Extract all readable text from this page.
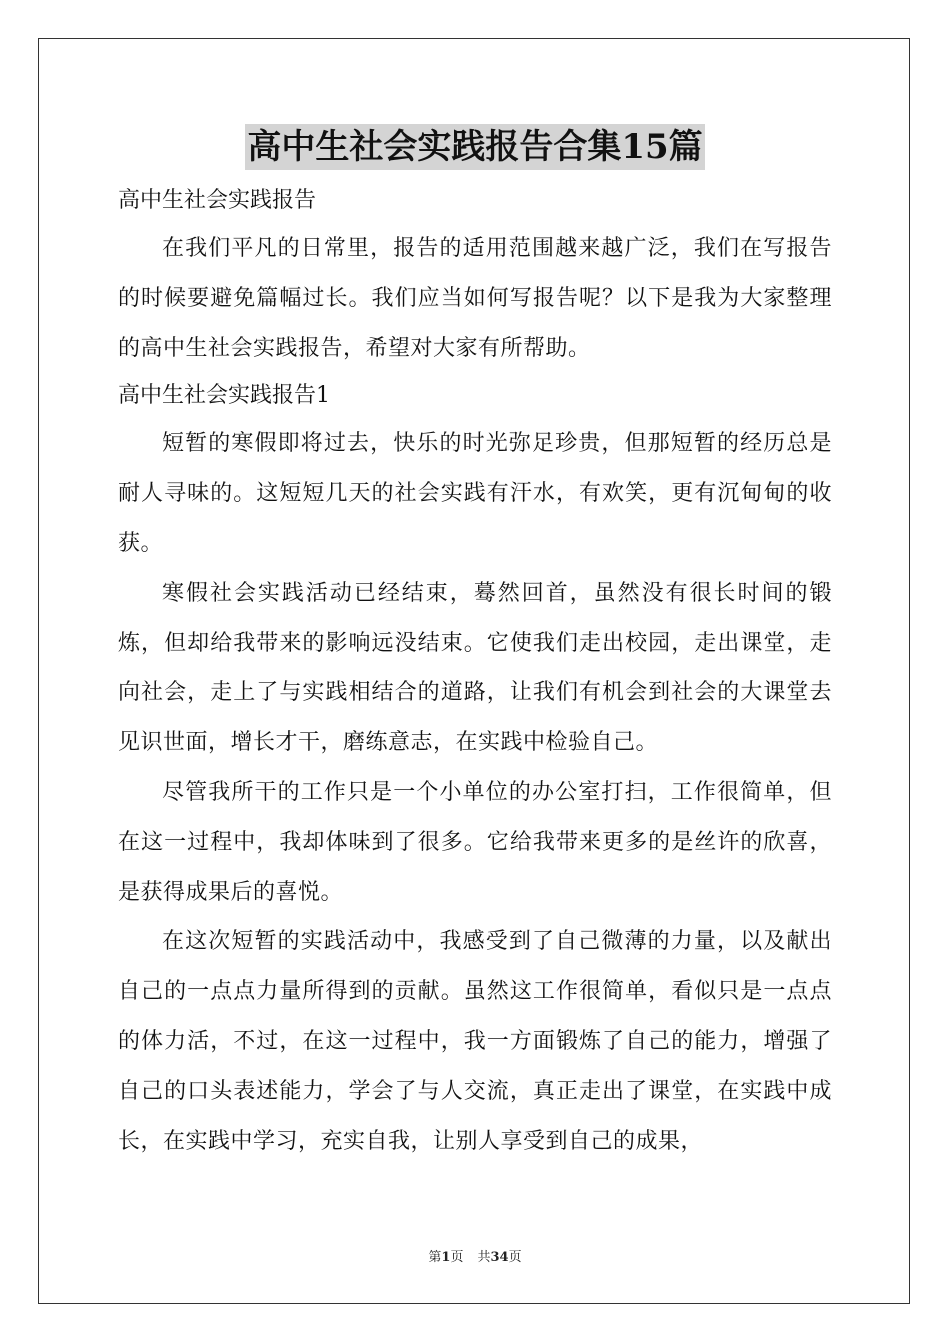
高中生社会实践报告合集15篇

高中生社会实践报告

在我们平凡的日常里，报告的适用范围越来越广泛，我们在写报告的时候要避免篇幅过长。我们应当如何写报告呢？以下是我为大家整理的高中生社会实践报告，希望对大家有所帮助。

高中生社会实践报告1

短暂的寒假即将过去，快乐的时光弥足珍贵，但那短暂的经历总是耐人寻味的。这短短几天的社会实践有汗水，有欢笑，更有沉甸甸的收获。

寒假社会实践活动已经结束，蓦然回首，虽然没有很长时间的锻炼，但却给我带来的影响远没结束。它使我们走出校园，走出课堂，走向社会，走上了与实践相结合的道路，让我们有机会到社会的大课堂去见识世面，增长才干，磨练意志，在实践中检验自己。

尽管我所干的工作只是一个小单位的办公室打扫，工作很简单，但在这一过程中，我却体味到了很多。它给我带来更多的是丝许的欣喜，是获得成果后的喜悦。

在这次短暂的实践活动中，我感受到了自己微薄的力量，以及献出自己的一点点力量所得到的贡献。虽然这工作很简单，看似只是一点点的体力活，不过，在这一过程中，我一方面锻炼了自己的能力，增强了自己的口头表述能力，学会了与人交流，真正走出了课堂，在实践中成长，在实践中学习，充实自我，让别人享受到自己的成果，

第1页 共34页
